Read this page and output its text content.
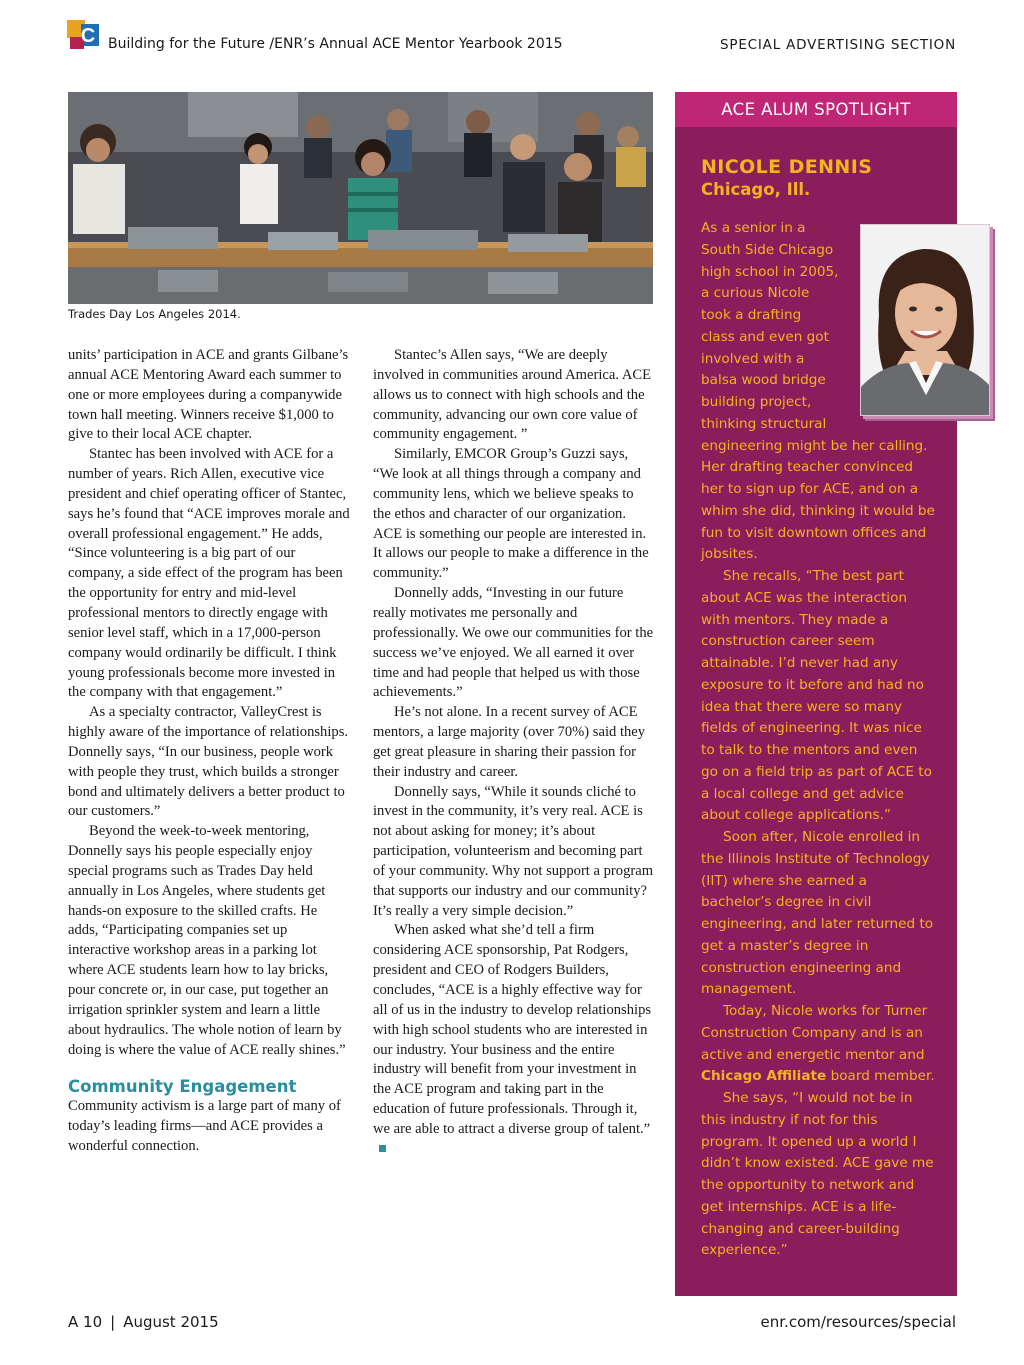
C Building for the Future /ENR’s Annual ACE Mentor Yearbook 2015	SPECIAL ADVERTISING SECTION
Trades Day Los Angeles 2014.

units’ participation in ACE and grants Gilbane’s annual ACE Mentoring Award each summer to one or more employees during a companywide town hall meeting. Winners receive $1,000 to give to their local ACE chapter.

Stantec has been involved with ACE for a number of years. Rich Allen, executive vice president and chief operating officer of Stantec, says he’s found that “ACE improves morale and overall professional engagement.” He adds, “Since volunteering is a big part of our company, a side effect of the program has been the opportunity for entry and mid-level professional mentors to directly engage with senior level staff, which in a 17,000-person company would ordinarily be difficult. I think young professionals become more invested in the company with that engagement.”

As a specialty contractor, ValleyCrest is highly aware of the importance of relationships. Donnelly says, “In our business, people work with people they trust, which builds a stronger bond and ultimately delivers a better product to our customers.”

Beyond the week-to-week mentoring, Donnelly says his people especially enjoy special programs such as Trades Day held annually in Los Angeles, where students get hands-on exposure to the skilled crafts. He adds, “Participating companies set up interactive workshop areas in a parking lot where ACE students learn how to lay bricks, pour concrete or, in our case, put together an irrigation sprinkler system and learn a little about hydraulics. The whole notion of learn by doing is where the value of ACE really shines.”

Community Engagement

Community activism is a large part of many of today’s leading firms—and ACE provides a wonderful connection.

Stantec’s Allen says, “We are deeply involved in communities around America. ACE allows us to connect with high schools and the community, advancing our own core value of community engagement. ”

Similarly, EMCOR Group’s Guzzi says, “We look at all things through a company and community lens, which we believe speaks to the ethos and character of our organization. ACE is something our people are interested in. It allows our people to make a difference in the community.”

Donnelly adds, “Investing in our future really motivates me personally and professionally. We owe our communities for the success we’ve enjoyed. We all earned it over time and had people that helped us with those achievements.”

He’s not alone. In a recent survey of ACE mentors, a large majority (over 70%) said they get great pleasure in sharing their passion for their industry and career.

Donnelly says, “While it sounds cliché to invest in the community, it’s very real. ACE is not about asking for money; it’s about participation, volunteerism and becoming part of your community. Why not support a program that supports our industry and our community? It’s really a very simple decision.”

When asked what she’d tell a firm considering ACE sponsorship, Pat Rodgers, president and CEO of Rodgers Builders, concludes, “ACE is a highly effective way for all of us in the industry to develop relationships with high school students who are interested in our industry. Your business and the entire industry will benefit from your investment in the ACE program and taking part in the education of future professionals. Through it, we are able to attract a diverse group of talent.”

ACE ALUM SPOTLIGHT
NICOLE DENNIS
Chicago, Ill.

As a senior in a
South Side Chicago
high school in 2005,
a curious Nicole
took a drafting
class and even got
involved with a
balsa wood bridge
building project,
thinking structural
engineering might be her calling. Her drafting teacher convinced her to sign up for ACE, and on a whim she did, thinking it would be fun to visit downtown offices and jobsites.

She recalls, “The best part about ACE was the interaction with mentors. They made a construction career seem attainable. I’d never had any exposure to it before and had no idea that there were so many fields of engineering. It was nice to talk to the mentors and even go on a field trip as part of ACE to a local college and get advice about college applications.”

Soon after, Nicole enrolled in the Illinois Institute of Technology (IIT) where she earned a bachelor’s degree in civil engineering, and later returned to get a master’s degree in construction engineering and management.

Today, Nicole works for Turner Construction Company and is an active and energetic mentor and Chicago Affiliate board member.

She says, “I would not be in this industry if not for this program. It opened up a world I didn’t know existed. ACE gave me the opportunity to network and get internships. ACE is a life-changing and career-building experience.”

A 10 | August 2015	enr.com/resources/special
